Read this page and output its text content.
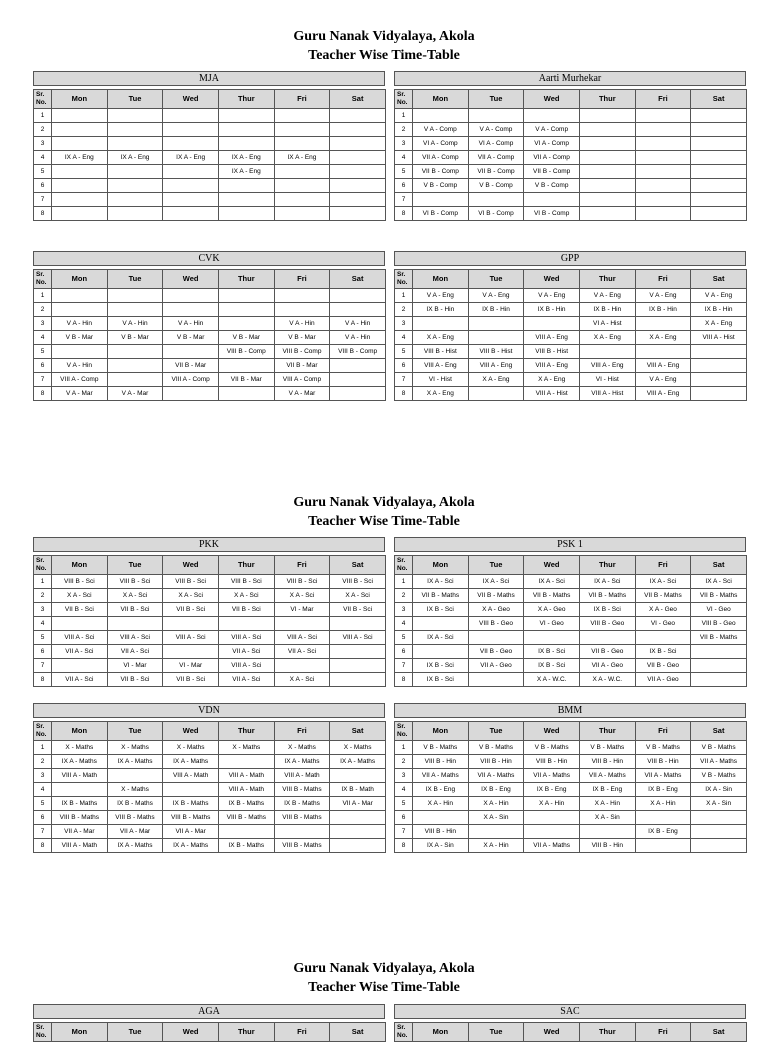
Guru Nanak Vidyalaya, Akola
Teacher Wise Time-Table
MJA
Sr.
No.	Mon	Tue	Wed	Thur	Fri	Sat
1						
2						
3						
4	IX A - Eng	IX A - Eng	IX A - Eng	IX A - Eng	IX A - Eng	
5				IX A - Eng		
6						
7						
8						
Aarti Murhekar
Sr.
No.	Mon	Tue	Wed	Thur	Fri	Sat
1						
2	V A - Comp	V A - Comp	V A - Comp			
3	VI A - Comp	VI A - Comp	VI A - Comp			
4	VII A - Comp	VII A - Comp	VII A - Comp			
5	VII B - Comp	VII B - Comp	VII B - Comp			
6	V B - Comp	V B - Comp	V B - Comp			
7						
8	VI B - Comp	VI B - Comp	VI B - Comp			
CVK
Sr.
No.	Mon	Tue	Wed	Thur	Fri	Sat
1						
2						
3	V A - Hin	V A - Hin	V A - Hin		V A - Hin	V A - Hin
4	V B - Mar	V B - Mar	V B - Mar	V B - Mar	V B - Mar	V A - Hin
5				VIII B - Comp	VIII B - Comp	VIII B - Comp
6	V A - Hin		VII B - Mar		VII B - Mar	
7	VIII A - Comp		VIII A - Comp	VII B - Mar	VIII A - Comp	
8	V A - Mar	V A - Mar			V A - Mar	
GPP
Sr.
No.	Mon	Tue	Wed	Thur	Fri	Sat
1	V A - Eng	V A - Eng	V A - Eng	V A - Eng	V A - Eng	V A - Eng
2	IX B - Hin	IX B - Hin	IX B - Hin	IX B - Hin	IX B - Hin	IX B - Hin
3				VI A - Hist		X A - Eng
4	X A - Eng		VIII A - Eng	X A - Eng	X A - Eng	VIII A - Hist
5	VIII B - Hist	VIII B - Hist	VIII B - Hist			
6	VIII A - Eng	VIII A - Eng	VIII A - Eng	VIII A - Eng	VIII A - Eng	
7	VI - Hist	X A - Eng	X A - Eng	VI - Hist	V A - Eng	
8	X A - Eng		VIII A - Hist	VIII A - Hist	VIII A - Eng	
Guru Nanak Vidyalaya, Akola
Teacher Wise Time-Table
PKK
Sr.
No.	Mon	Tue	Wed	Thur	Fri	Sat
1	VIII B - Sci	VIII B - Sci	VIII B - Sci	VIII B - Sci	VIII B - Sci	VIII B - Sci
2	X A - Sci	X A - Sci	X A - Sci	X A - Sci	X A - Sci	X A - Sci
3	VII B - Sci	VII B - Sci	VII B - Sci	VII B - Sci	VI - Mar	VII B - Sci
4						
5	VIII A - Sci	VIII A - Sci	VIII A - Sci	VIII A - Sci	VIII A - Sci	VIII A - Sci
6	VII A - Sci	VII A - Sci		VII A - Sci	VII A - Sci	
7		VI - Mar	VI - Mar	VIII A - Sci		
8	VII A - Sci	VII B - Sci	VII B - Sci	VII A - Sci	X A - Sci	
PSK 1
Sr.
No.	Mon	Tue	Wed	Thur	Fri	Sat
1	IX A - Sci	IX A - Sci	IX A - Sci	IX A - Sci	IX A - Sci	IX A - Sci
2	VII B - Maths	VII B - Maths	VII B - Maths	VII B - Maths	VII B - Maths	VII B - Maths
3	IX B - Sci	X A - Geo	X A - Geo	IX B - Sci	X A - Geo	VI - Geo
4		VIII B - Geo	VI - Geo	VIII B - Geo	VI - Geo	VIII B - Geo
5	IX A - Sci					VII B - Maths
6		VII B - Geo	IX B - Sci	VII B - Geo	IX B - Sci	
7	IX B - Sci	VII A - Geo	IX B - Sci	VII A - Geo	VII B - Geo	
8	IX B - Sci		X A - W.C.	X A - W.C.	VII A - Geo	
VDN
Sr.
No.	Mon	Tue	Wed	Thur	Fri	Sat
1	X - Maths	X - Maths	X - Maths	X - Maths	X - Maths	X - Maths
2	IX A - Maths	IX A - Maths	IX A - Maths		IX A - Maths	IX A - Maths
3	VIII A - Math		VIII A - Math	VIII A - Math	VIII A - Math	
4		X - Maths		VIII A - Math	VIII B - Maths	IX B - Math
5	IX B - Maths	IX B - Maths	IX B - Maths	IX B - Maths	IX B - Maths	VII A - Mar
6	VIII B - Maths	VIII B - Maths	VIII B - Maths	VIII B - Maths	VIII B - Maths	
7	VII A - Mar	VII A - Mar	VII A - Mar			
8	VIII A - Math	IX A - Maths	IX A - Maths	IX B - Maths	VIII B - Maths	
BMM
Sr.
No.	Mon	Tue	Wed	Thur	Fri	Sat
1	V B - Maths	V B - Maths	V B - Maths	V B - Maths	V B - Maths	V B - Maths
2	VIII B - Hin	VIII B - Hin	VIII B - Hin	VIII B - Hin	VIII B - Hin	VII A - Maths
3	VII A - Maths	VII A - Maths	VII A - Maths	VII A - Maths	VII A - Maths	V B - Maths
4	IX B - Eng	IX B - Eng	IX B - Eng	IX B - Eng	IX B - Eng	IX A - Sin
5	X A - Hin	X A - Hin	X A - Hin	X A - Hin	X A - Hin	X A - Sin
6		X A - Sin		X A - Sin		
7	VIII B - Hin				IX B - Eng	
8	IX A - Sin	X A - Hin	VII A - Maths	VIII B - Hin		
Guru Nanak Vidyalaya, Akola
Teacher Wise Time-Table
AGA
Sr.
No.	Mon	Tue	Wed	Thur	Fri	Sat
SAC
Sr.
No.	Mon	Tue	Wed	Thur	Fri	Sat
